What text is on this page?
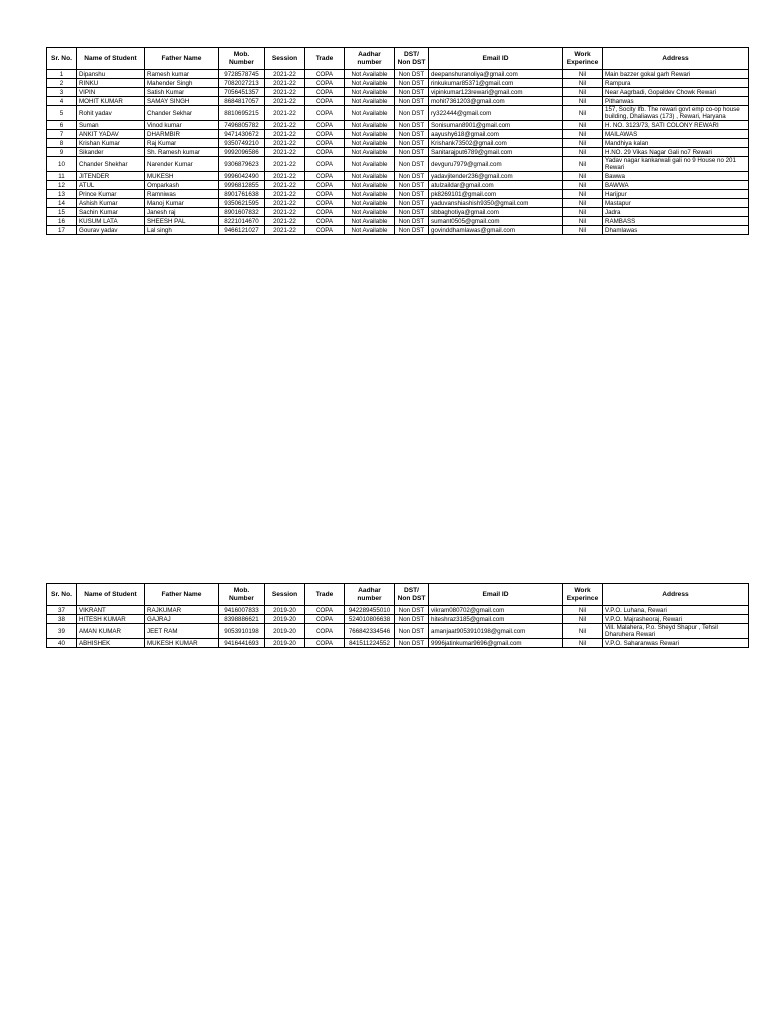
Sr. No.	Name of Student	Father Name	Mob. Number	Session	Trade	Aadhar number	DST/ Non DST	Email ID	Work Experince	Address
1	Dipanshu	Ramesh kumar	9728578745	2021-22	COPA	Not Available	Non DST	deepanshuranoliya@gmail.com	Nil	Main bazzer gokal garh Rewari
2	RINKU	Mahender Singh	7082027213	2021-22	COPA	Not Available	Non DST	rinkukumar85371@gmail.com	Nil	Rampura
3	VIPIN	Satish Kumar	7056451357	2021-22	COPA	Not Available	Non DST	vipinkumar123rewari@gmail.com	Nil	Near Aagrbadi, Gopaldev Chowk Rewari
4	MOHIT KUMAR	SAMAY SINGH	8684817057	2021-22	COPA	Not Available	Non DST	mohit7361203@gmail.com	Nil	Pithanwas
5	Rohit yadav	Chander Sekhar	8810695215	2021-22	COPA	Not Available	Non DST	ry322444@gmail.com	Nil	157, Socity Ifb. The rewari govt emp co-op house building, Dhaliawas (173) , Rewari, Haryana
6	Suman	Vinod kumar	7496805782	2021-22	COPA	Not Available	Non DST	Sonisuman8901@gmail.com	Nil	H. NO. 3123/73, SATI COLONY REWARI
7	ANKIT YADAV	DHARMBIR	9471430672	2021-22	COPA	Not Available	Non DST	aayushy618@gmail.com	Nil	MAILAWAS
8	Krishan Kumar	Raj Kumar	9350749210	2021-22	COPA	Not Available	Non DST	Krishank73502@gmail.com	Nil	Mandhiya kalan
9	Sikander	Sh. Ramesh kumar	9992096586	2021-22	COPA	Not Available	Non DST	Sanitarajput6789@gmail.com	Nil	H.NO. 29 Vikas Nagar Gali no7 Rewari
10	Chander Shekhar	Narender Kumar	9306879623	2021-22	COPA	Not Available	Non DST	devguru7979@gmail.com	Nil	Yadav nagar kankarwali gali no 9 House no 201 Rewari
11	JITENDER	MUKESH	9996042490	2021-22	COPA	Not Available	Non DST	yadavjitender236@gmail.com	Nil	Bawwa
12	ATUL	Omparkash	9996812855	2021-22	COPA	Not Available	Non DST	atulzaildar@gmail.com	Nil	BAWWA
13	Prince Kumar	Ramniwas	8901761638	2021-22	COPA	Not Available	Non DST	pk8269101@gmail.com	Nil	Harijpur
14	Ashish Kumar	Manoj Kumar	9350621595	2021-22	COPA	Not Available	Non DST	yaduvanshiashish9350@gmail.com	Nil	Mastapur
15	Sachin Kumar	Janesh raj	8901607832	2021-22	COPA	Not Available	Non DST	sbbaghotiya@gmail.com	Nil	Jadra
16	KUSUM LATA	SHEESH PAL	8221014670	2021-22	COPA	Not Available	Non DST	sumant0505@gmail.com	Nil	RAMBASS
17	Gourav yadav	Lal singh	9466121027	2021-22	COPA	Not Available	Non DST	govinddhamlawas@gmail.com	Nil	Dhamlawas
Sr. No.	Name of Student	Father Name	Mob. Number	Session	Trade	Aadhar number	DST/ Non DST	Email ID	Work Experince	Address
37	VIKRANT	RAJKUMAR	9416007833	2019-20	COPA	942289455010	Non DST	vikram080702@gmail.com	Nil	V.P.O. Luhana, Rewari
38	HITESH KUMAR	GAJRAJ	8398886621	2019-20	COPA	524010806638	Non DST	hiteshraz3185@gmail.com	Nil	V.P.O. Majrasheoraj, Rewari
39	AMAN KUMAR	JEET RAM	9053910198	2019-20	COPA	766842334546	Non DST	amanjaat9053910198@gmail.com	Nil	Vill. Malahera, P.o. Sheyd Shapur , Tehsil Dharuhera Rewari
40	ABHISHEK	MUKESH KUMAR	9416441693	2019-20	COPA	841511224552	Non DST	9996jatinkumar9696@gmail.com	Nil	V.P.O. Saharanwas Rewari
